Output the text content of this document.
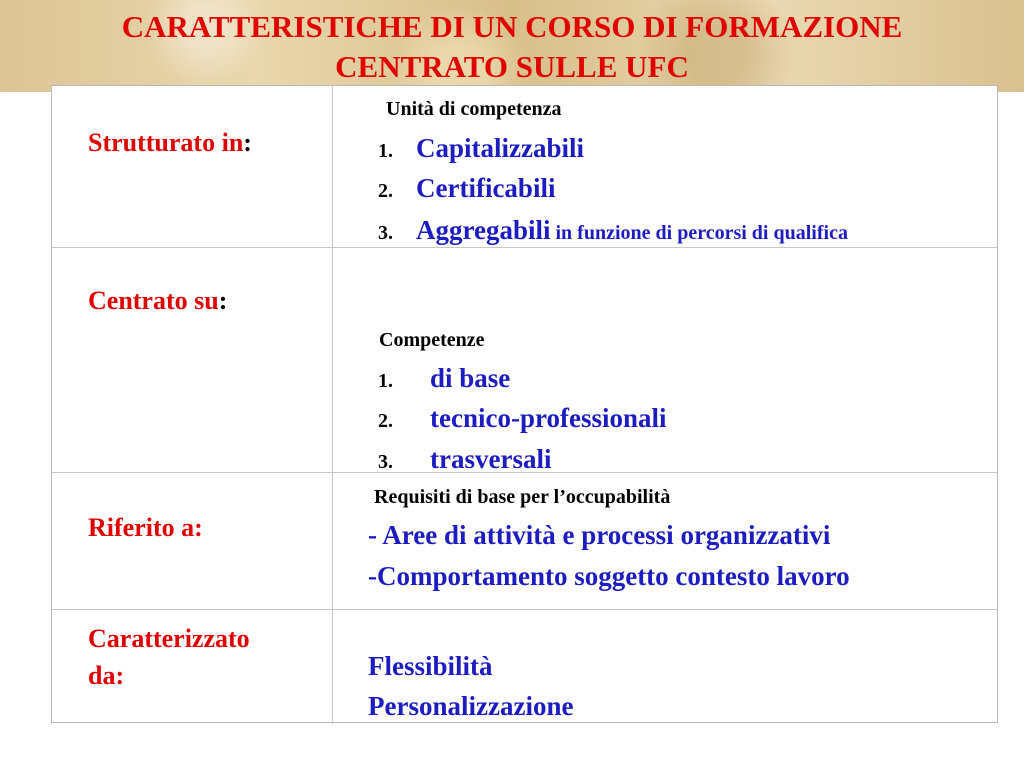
CARATTERISTICHE DI UN CORSO DI FORMAZIONE
CENTRATO SULLE UFC
Strutturato in:
Unità di competenza
1. Capitalizzabili
2. Certificabili
3. Aggregabili in funzione di percorsi di qualifica
Centrato su:
Competenze
1. di base
2. tecnico-professionali
3. trasversali
Riferito a:
Requisiti di base per l’occupabilità
- Aree di attività e processi organizzativi
-Comportamento soggetto contesto lavoro
Caratterizzato
da:	Flessibilità
Personalizzazione
